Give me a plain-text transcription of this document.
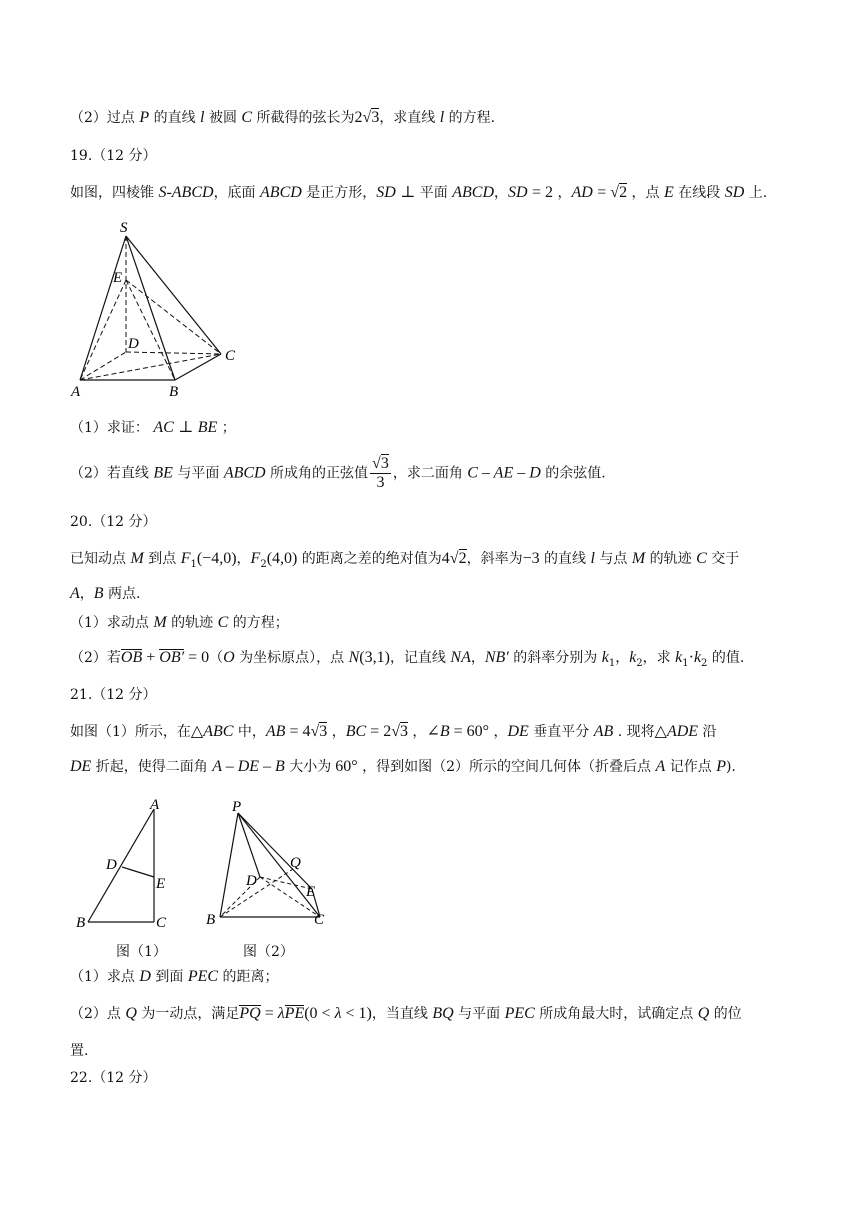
（2）过点 P 的直线 l 被圆 C 所截得的弦长为2√3，求直线 l 的方程.
19.（12 分）
如图，四棱锥 S-ABCD，底面 ABCD 是正方形，SD ⊥ 平面 ABCD，SD = 2 ，AD = √2 ，点 E 在线段 SD 上.
S
E
D
C
A	B
（1）求证： AC ⊥ BE ；
（2）若直线 BE 与平面 ABCD 所成角的正弦值 $\frac{√3}{3}$ ，求二面角 C – AE – D 的余弦值.
20.（12 分）
已知动点 M 到点 $F_1(-4,0)$，$F_2(4,0)$ 的距离之差的绝对值为4√2，斜率为−3 的直线 l 与点 M 的轨迹 C 交于
A，B 两点.
（1）求动点 M 的轨迹 C 的方程；
（2）若OB + OB′ = 0（O 为坐标原点），点 N(3,1)，记直线 NA，NB′ 的斜率分别为 $k_1$，$k_2$，求 $k_1\cdot k_2$ 的值.
21.（12 分）
如图（1）所示，在△ABC 中，AB = 4√3 ，BC = 2√3 ，∠B = 60° ，DE 垂直平分 AB . 现将△ADE 沿
DE 折起，使得二面角 A – DE – B 大小为 60° ，得到如图（2）所示的空间几何体（折叠后点 A 记作点 P).
A
D
E
B	C
图（1）
P
Q
D
E
B	C
图（2）
（1）求点 D 到面 PEC 的距离；
（2）点 Q 为一动点，满足PQ = λPE(0 < λ < 1)，当直线 BQ 与平面 PEC 所成角最大时，试确定点 Q 的位
置.
22.（12 分）
